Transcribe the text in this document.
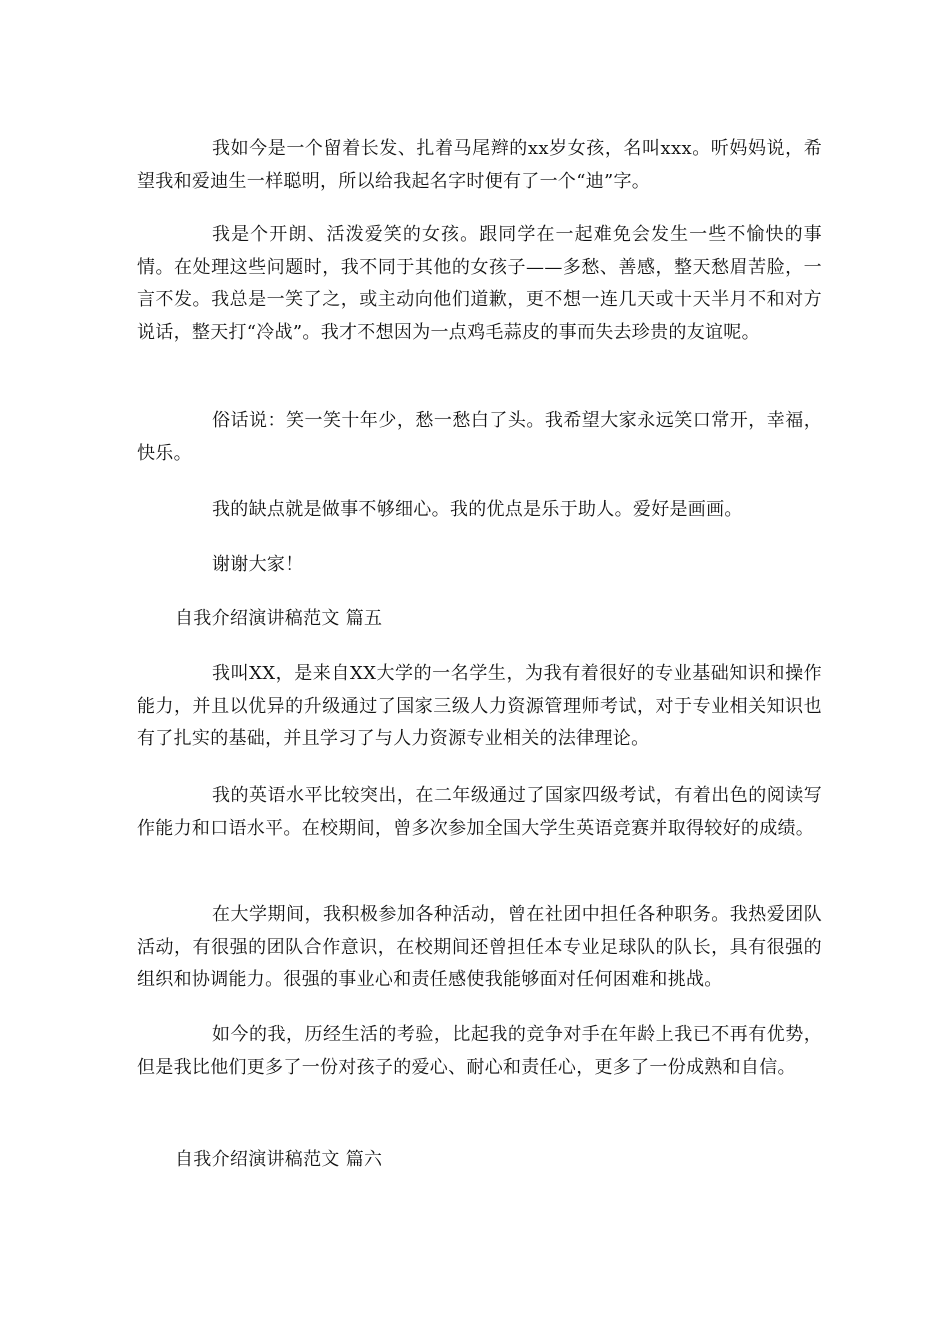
我如今是一个留着长发、扎着马尾辫的xx岁女孩，名叫xxx。听妈妈说，希望我和爱迪生一样聪明，所以给我起名字时便有了一个“迪”字。

我是个开朗、活泼爱笑的女孩。跟同学在一起难免会发生一些不愉快的事情。在处理这些问题时，我不同于其他的女孩子——多愁、善感，整天愁眉苦脸，一言不发。我总是一笑了之，或主动向他们道歉，更不想一连几天或十天半月不和对方说话，整天打“冷战”。我才不想因为一点鸡毛蒜皮的事而失去珍贵的友谊呢。

俗话说：笑一笑十年少，愁一愁白了头。我希望大家永远笑口常开，幸福，快乐。

我的缺点就是做事不够细心。我的优点是乐于助人。爱好是画画。

谢谢大家！

自我介绍演讲稿范文 篇五

我叫XX，是来自XX大学的一名学生，为我有着很好的专业基础知识和操作能力，并且以优异的升级通过了国家三级人力资源管理师考试，对于专业相关知识也有了扎实的基础，并且学习了与人力资源专业相关的法律理论。

我的英语水平比较突出，在二年级通过了国家四级考试，有着出色的阅读写作能力和口语水平。在校期间，曾多次参加全国大学生英语竞赛并取得较好的成绩。

在大学期间，我积极参加各种活动，曾在社团中担任各种职务。我热爱团队活动，有很强的团队合作意识，在校期间还曾担任本专业足球队的队长，具有很强的组织和协调能力。很强的事业心和责任感使我能够面对任何困难和挑战。

如今的我，历经生活的考验，比起我的竞争对手在年龄上我已不再有优势，但是我比他们更多了一份对孩子的爱心、耐心和责任心，更多了一份成熟和自信。

自我介绍演讲稿范文 篇六
